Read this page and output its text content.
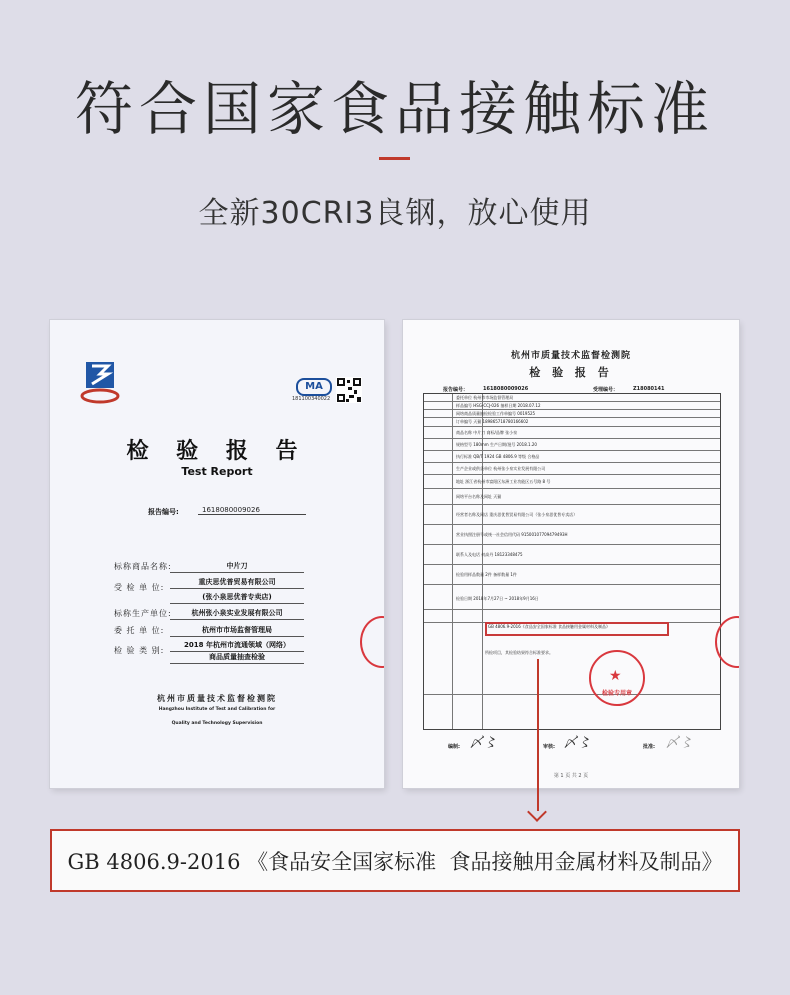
符合国家食品接触标准
全新30CRI3良钢，放心使用
MA
181100340022
检 验 报 告
Test Report
报告编号:	1618080009026
标称商品名称:	中片刀
受 检 单 位:
重庆思优普贸易有限公司
(张小泉思优普专卖店)
标称生产单位:	杭州张小泉实业发展有限公司
委 托 单 位:	杭州市市场监督管理局
检 验 类 别:
2018 年杭州市流通领域（网络）
商品质量抽查检验
杭州市质量技术监督检测院
Hangzhou Institute of Test and Calibration for
Quality and Technology Supervision
杭州市质量技术监督检测院
检 验 报 告
报告编号：	1618080009026	受理编号：	Z18080141
委托单位 杭州市市场监督管理局
样品编号 HSG-CCJ-026 抽样日期 2018.07.12
网络商品质量抽检检验工作单编号 0019525
订单编号 天猫 189865718780166602
商品名称 中片刀 商标/品牌 张小泉
规格型号 180mm 生产日期/批号 2018.1.20
执行标准 QB/T 1924 GB 4806.9 等级 合格品
生产企业或供货单位 杭州张小泉实业发展有限公司
地址 浙江省杭州市富阳区东洲工业功能区五号路 8 号
网络平台名称及网址 天猫
经营者名称及网店 重庆思优普贸易有限公司（张小泉思优普专卖店）
营业执照注册号或统一社会信用代码 91500107709479493H
联系人及电话 何高丹 18123348475
检验用样品数量 2件 备样数量 1件
检验日期 2018年7月27日 ~ 2018年9月16日
GB 4806.9-2016《食品安全国家标准 食品接触用金属材料及制品》
所检项目，其检验结果符合标准要求。
★
检验专用章
编制: 〆〻	审核: 〆〻	批准: 〆〻
第 1 页 共 2 页
GB 4806.9-2016 《食品安全国家标准  食品接触用金属材料及制品》
